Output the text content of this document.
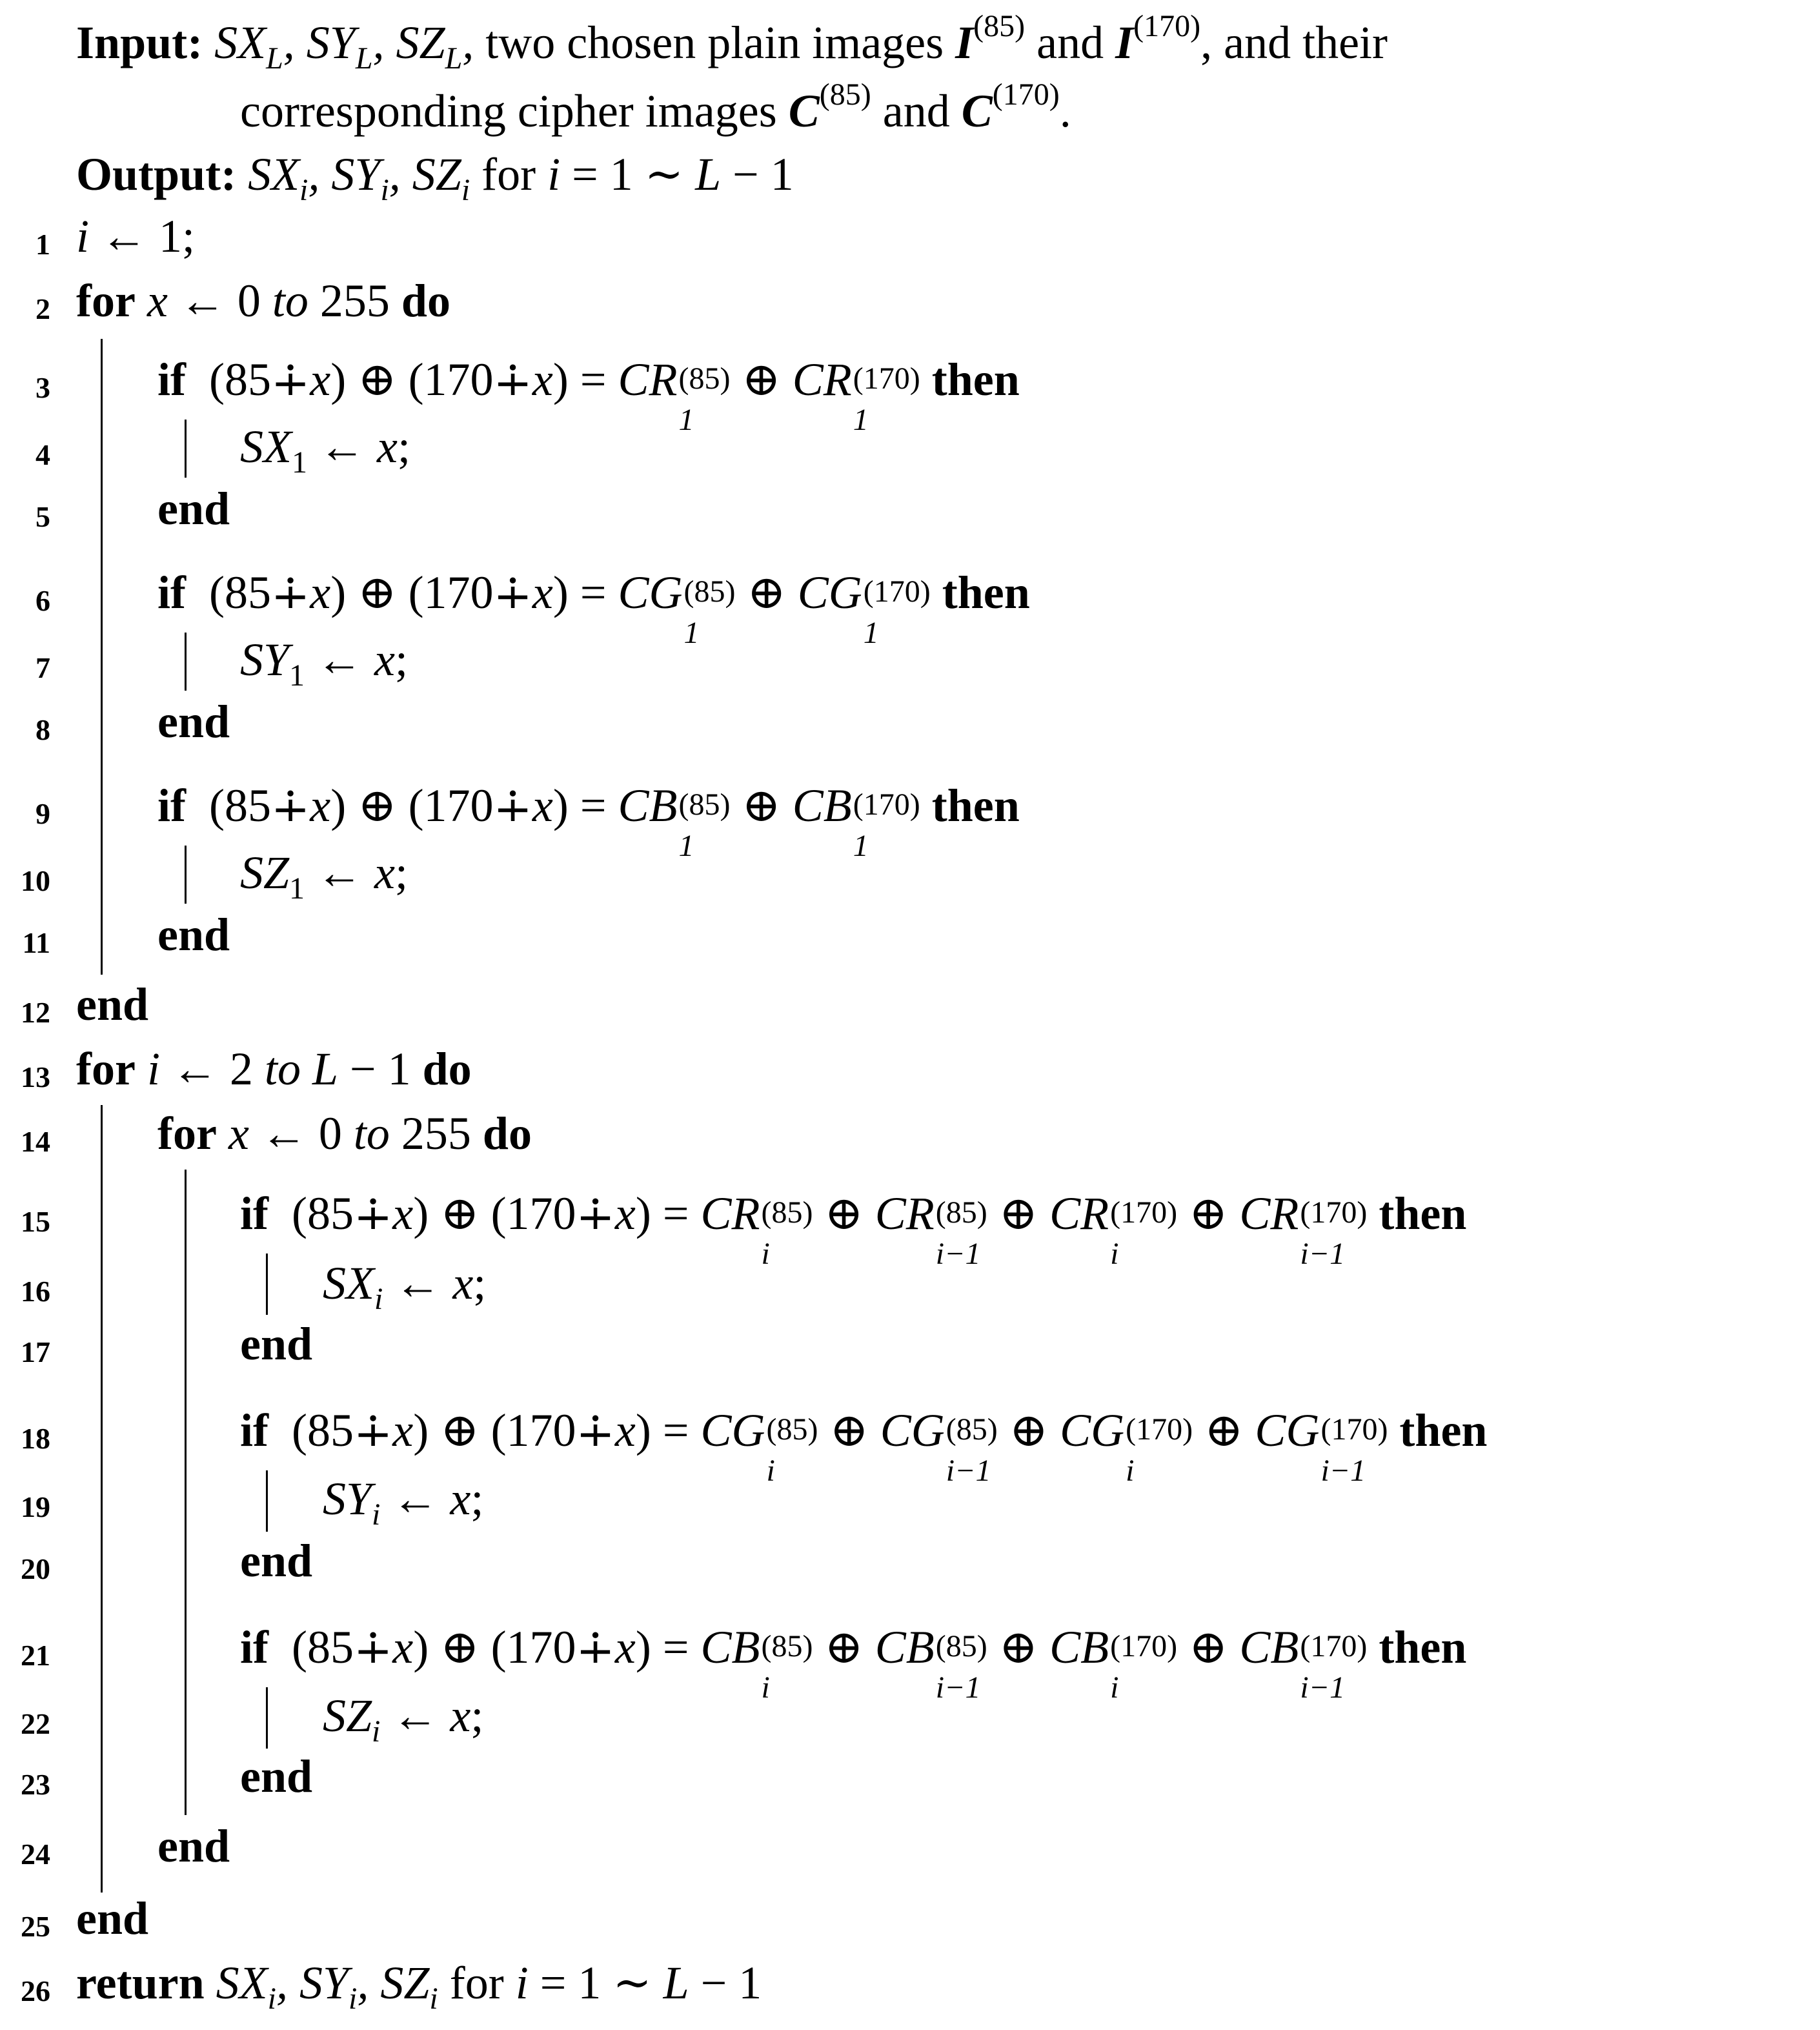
Input: $SX_L$, $SY_L$, $SZ_L$, two chosen plain images $I^{(85)}$ and $I^{(170)}$, and their
corresponding cipher images $C^{(85)}$ and $C^{(170)}$.
Output: $SX_i$, $SY_i$, $SZ_i$ for i = 1 ∼ L − 1
1
2
3
4
5
6
7
8
9
10
11
12
13
14
15
16
17
18
19
20
21
22
23
24
25
26
i ← 1;
for x ← 0 to 255 do
if  (85∔x) ⊕ (170∔x) = CR (85)
1
⊕ CR (170)
1
then
$SX_1$ ← x;
end
if  (85∔x) ⊕ (170∔x) = CG (85)
1
⊕ CG (170)
1
then
$SY_1$ ← x;
end
if  (85∔x) ⊕ (170∔x) = CB (85)
1
⊕ CB (170)
1
then
$SZ_1$ ← x;
end
end
for i ← 2 to L − 1 do
for x ← 0 to 255 do
if  (85∔x) ⊕ (170∔x) = CR (85)
i
⊕ CR (85)
i−1
⊕ CR (170)
i
⊕ CR (170)
i−1
then
$SX_i$ ← x;
end
if  (85∔x) ⊕ (170∔x) = CG (85)
i
⊕ CG (85)
i−1
⊕ CG (170)
i
⊕ CG (170)
i−1
then
$SY_i$ ← x;
end
if  (85∔x) ⊕ (170∔x) = CB (85)
i
⊕ CB (85)
i−1
⊕ CB (170)
i
⊕ CB (170)
i−1
then
$SZ_i$ ← x;
end
end
end
return $SX_i$, $SY_i$, $SZ_i$ for i = 1 ∼ L − 1
